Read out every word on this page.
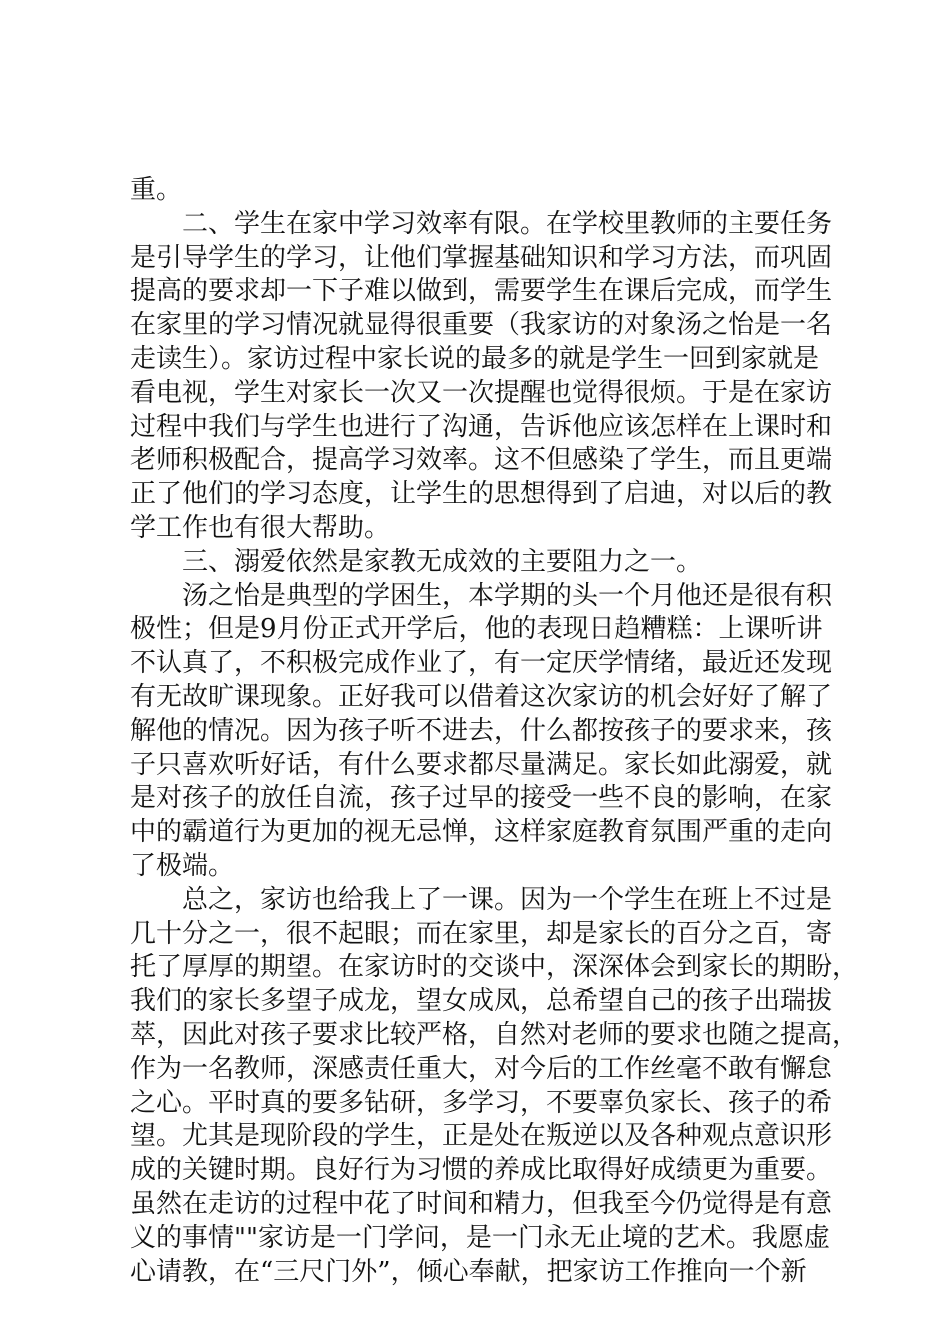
重。
　　二、学生在家中学习效率有限。在学校里教师的主要任务
是引导学生的学习，让他们掌握基础知识和学习方法，而巩固
提高的要求却一下子难以做到，需要学生在课后完成，而学生
在家里的学习情况就显得很重要（我家访的对象汤之怡是一名
走读生）。家访过程中家长说的最多的就是学生一回到家就是
看电视，学生对家长一次又一次提醒也觉得很烦。于是在家访
过程中我们与学生也进行了沟通，告诉他应该怎样在上课时和
老师积极配合，提高学习效率。这不但感染了学生，而且更端
正了他们的学习态度，让学生的思想得到了启迪，对以后的教
学工作也有很大帮助。
　　三、溺爱依然是家教无成效的主要阻力之一。
　　汤之怡是典型的学困生，本学期的头一个月他还是很有积
极性；但是9月份正式开学后，他的表现日趋糟糕：上课听讲
不认真了，不积极完成作业了，有一定厌学情绪，最近还发现
有无故旷课现象。正好我可以借着这次家访的机会好好了解了
解他的情况。因为孩子听不进去，什么都按孩子的要求来，孩
子只喜欢听好话，有什么要求都尽量满足。家长如此溺爱，就
是对孩子的放任自流，孩子过早的接受一些不良的影响，在家
中的霸道行为更加的视无忌惮，这样家庭教育氛围严重的走向
了极端。
　　总之，家访也给我上了一课。因为一个学生在班上不过是
几十分之一，很不起眼；而在家里，却是家长的百分之百，寄
托了厚厚的期望。在家访时的交谈中，深深体会到家长的期盼，
我们的家长多望子成龙，望女成凤，总希望自己的孩子出瑞拔
萃，因此对孩子要求比较严格，自然对老师的要求也随之提高，
作为一名教师，深感责任重大，对今后的工作丝毫不敢有懈怠
之心。平时真的要多钻研，多学习，不要辜负家长、孩子的希
望。尤其是现阶段的学生，正是处在叛逆以及各种观点意识形
成的关键时期。良好行为习惯的养成比取得好成绩更为重要。
虽然在走访的过程中花了时间和精力，但我至今仍觉得是有意
义的事情""家访是一门学问，是一门永无止境的艺术。我愿虚
心请教，在“三尺门外”，倾心奉献，把家访工作推向一个新
